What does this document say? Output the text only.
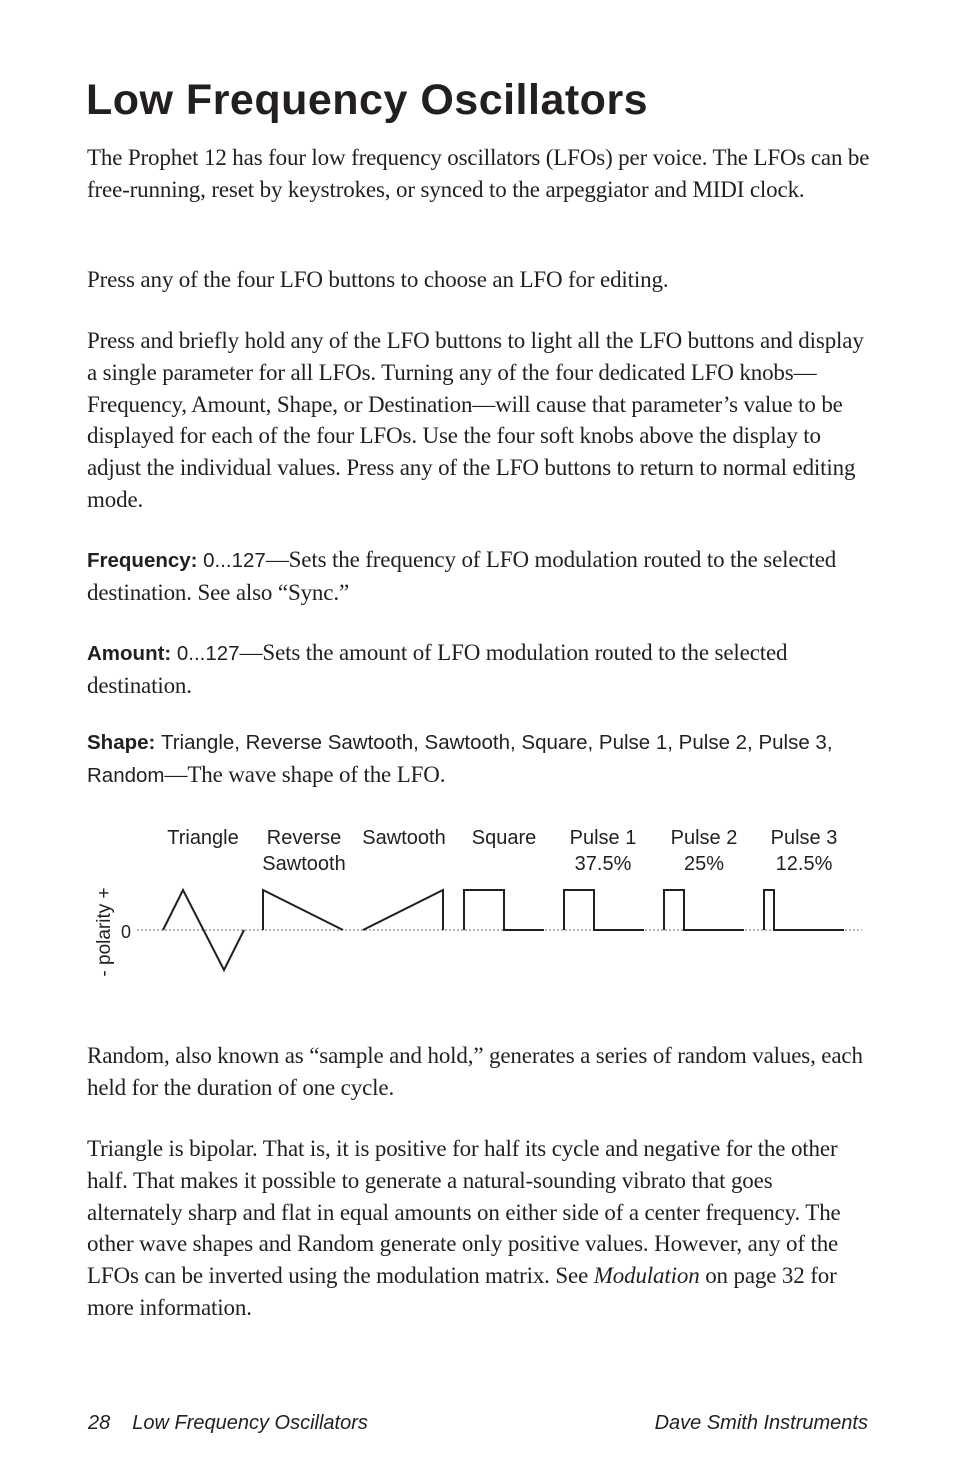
Low Frequency Oscillators

The Prophet 12 has four low frequency oscillators (LFOs) per voice. The LFOs can be free-running, reset by keystrokes, or synced to the arpeggiator and MIDI clock.

Press any of the four LFO buttons to choose an LFO for editing.

Press and briefly hold any of the LFO buttons to light all the LFO buttons and display a single parameter for all LFOs. Turning any of the four dedicated LFO knobs—Frequency, Amount, Shape, or Destination—will cause that parameter’s value to be displayed for each of the four LFOs. Use the four soft knobs above the display to adjust the individual values. Press any of the LFO buttons to return to normal editing mode.

Frequency: 0...127—Sets the frequency of LFO modulation routed to the selected destination. See also “Sync.”

Amount: 0...127—Sets the amount of LFO modulation routed to the selected destination.

Shape: Triangle, Reverse Sawtooth, Sawtooth, Square, Pulse 1, Pulse 2, Pulse 3, Random—The wave shape of the LFO.

Triangle Reverse
Sawtooth
Sawtooth Square Pulse 1
37.5%
Pulse 2
25%
Pulse 3
12.5%
- polarity + 0

Random, also known as “sample and hold,” generates a series of random values, each held for the duration of one cycle.

Triangle is bipolar. That is, it is positive for half its cycle and negative for the other half. That makes it possible to generate a natural-sounding vibrato that goes alternately sharp and flat in equal amounts on either side of a center frequency. The other wave shapes and Random generate only positive values. However, any of the LFOs can be inverted using the modulation matrix. See Modulation on page 32 for more information.

28 Low Frequency Oscillators	Dave Smith Instruments
